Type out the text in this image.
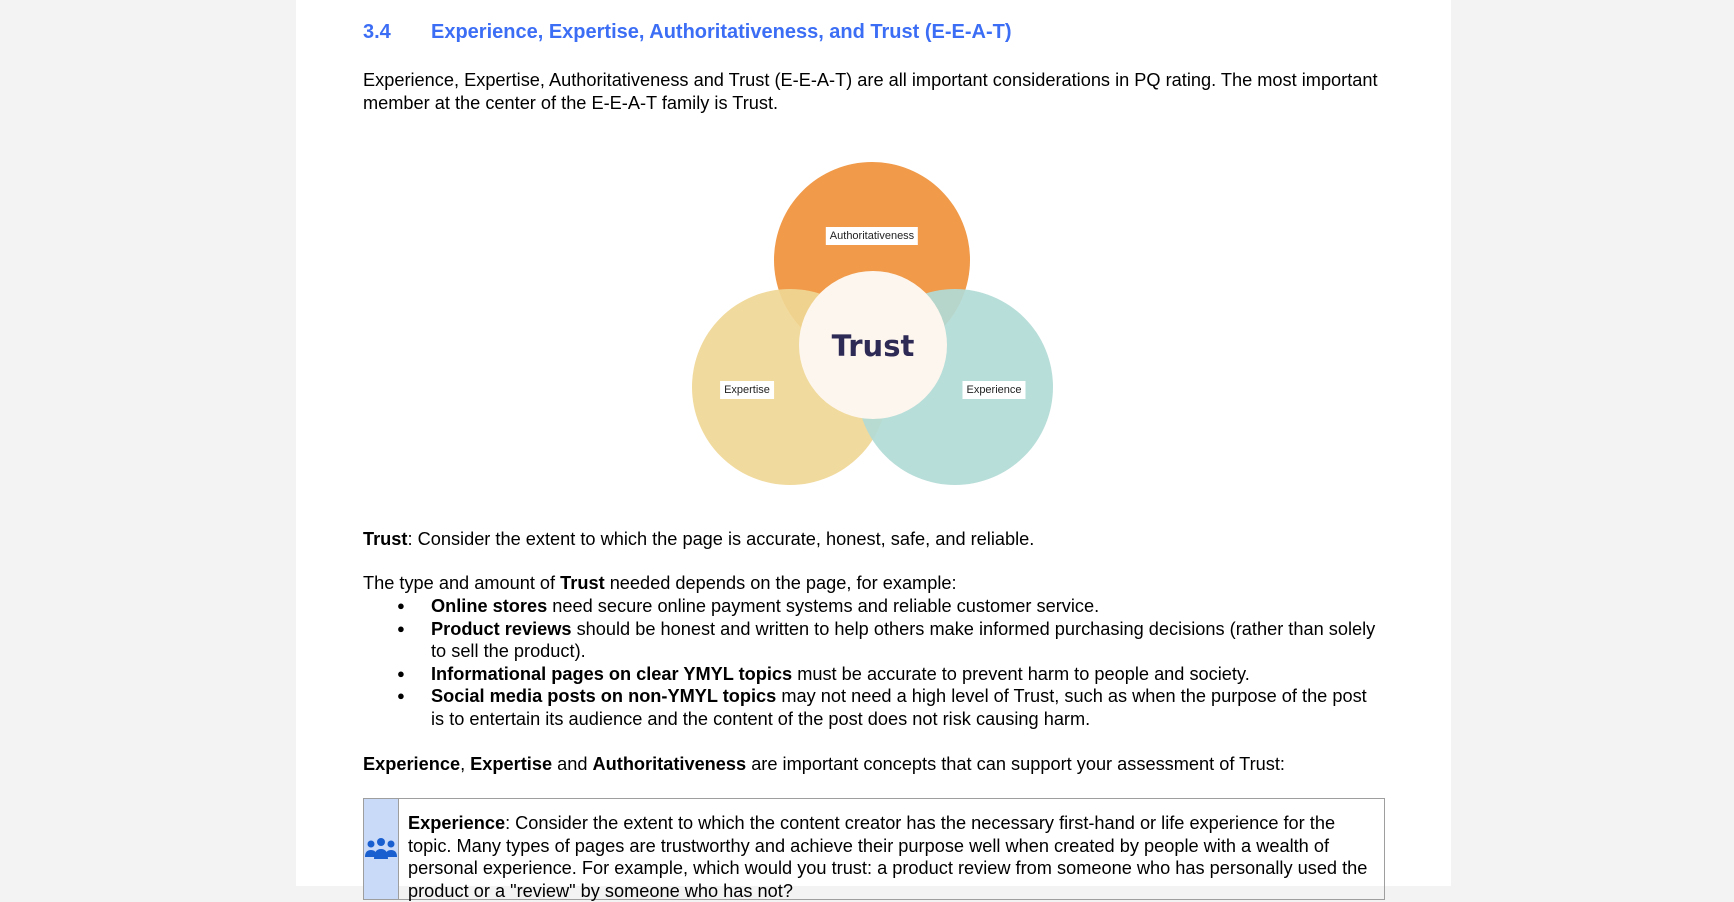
3.4 Experience, Expertise, Authoritativeness, and Trust (E-E-A-T)

Experience, Expertise, Authoritativeness and Trust (E-E-A-T) are all important considerations in PQ rating. The most important member at the center of the E-E-A-T family is Trust.

Authoritativeness
Expertise	Experience
Trust

Trust: Consider the extent to which the page is accurate, honest, safe, and reliable.

The type and amount of Trust needed depends on the page, for example:

● Online stores need secure online payment systems and reliable customer service.
● Product reviews should be honest and written to help others make informed purchasing decisions (rather than solely to sell the product).
● Informational pages on clear YMYL topics must be accurate to prevent harm to people and society.
● Social media posts on non-YMYL topics may not need a high level of Trust, such as when the purpose of the post is to entertain its audience and the content of the post does not risk causing harm.

Experience, Expertise and Authoritativeness are important concepts that can support your assessment of Trust:

Experience: Consider the extent to which the content creator has the necessary first-hand or life experience for the topic. Many types of pages are trustworthy and achieve their purpose well when created by people with a wealth of personal experience. For example, which would you trust: a product review from someone who has personally used the product or a "review" by someone who has not?
